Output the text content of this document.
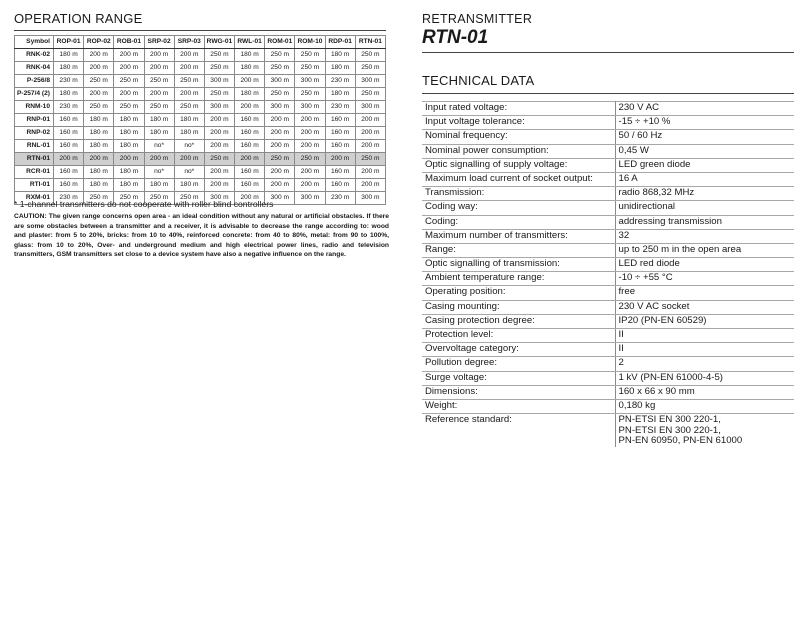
OPERATION RANGE
Symbol	ROP-01	ROP-02	ROB-01	SRP-02	SRP-03	RWG-01	RWL-01	ROM-01	ROM-10	RDP-01	RTN-01
RNK-02	180 m	200 m	200 m	200 m	200 m	250 m	180 m	250 m	250 m	180 m	250 m
RNK-04	180 m	200 m	200 m	200 m	200 m	250 m	180 m	250 m	250 m	180 m	250 m
P-256/8	230 m	250 m	250 m	250 m	250 m	300 m	200 m	300 m	300 m	230 m	300 m
P-257/4 (2)	180 m	200 m	200 m	200 m	200 m	250 m	180 m	250 m	250 m	180 m	250 m
RNM-10	230 m	250 m	250 m	250 m	250 m	300 m	200 m	300 m	300 m	230 m	300 m
RNP-01	160 m	180 m	180 m	180 m	180 m	200 m	160 m	200 m	200 m	160 m	200 m
RNP-02	160 m	180 m	180 m	180 m	180 m	200 m	160 m	200 m	200 m	160 m	200 m
RNL-01	160 m	180 m	180 m	no*	no*	200 m	160 m	200 m	200 m	160 m	200 m
RTN-01	200 m	200 m	200 m	200 m	200 m	250 m	200 m	250 m	250 m	200 m	250 m
RCR-01	160 m	180 m	180 m	no*	no*	200 m	160 m	200 m	200 m	160 m	200 m
RTI-01	160 m	180 m	180 m	180 m	180 m	200 m	160 m	200 m	200 m	160 m	200 m
RXM-01	230 m	250 m	250 m	250 m	250 m	300 m	200 m	300 m	300 m	230 m	300 m
* 1-channel transmitters do not cooperate with roller blind controllers
CAUTION: The given range concerns open area - an ideal condition without any natural or artificial obstacles. If there are some obstacles between a transmitter and a receiver, it is advisable to decrease the range according to: wood and plaster: from 5 to 20%, bricks: from 10 to 40%, reinforced concrete: from 40 to 80%, metal: from 90 to 100%, glass: from 10 to 20%, Over- and underground medium and high electrical power lines, radio and television transmitters, GSM transmitters set close to a device system have also a negative influence on the range.
RETRANSMITTER
RTN-01
TECHNICAL DATA
Input rated voltage:	230 V AC

Input voltage tolerance:	-15 ÷ +10 %

Nominal frequency:	50 / 60 Hz

Nominal power consumption:	0,45 W

Optic signalling of supply voltage:	LED green diode

Maximum load current of socket output:	16 A

Transmission:	radio 868,32 MHz

Coding way:	unidirectional

Coding:	addressing transmission

Maximum number of transmitters:	32

Range:	up to 250 m in the open area

Optic signalling of transmission:	LED red diode

Ambient temperature range:	-10 ÷ +55 °C

Operating position:	free

Casing mounting:	230 V AC socket

Casing protection degree:	IP20 (PN-EN 60529)

Protection level:	II

Overvoltage category:	II

Pollution degree:	2

Surge voltage:	1 kV (PN-EN 61000-4-5)

Dimensions:	160 x 66 x 90 mm

Weight:	0,180 kg

Reference standard:	PN-ETSI EN 300 220-1,
PN-ETSI EN 300 220-1,
PN-EN 60950, PN-EN 61000
